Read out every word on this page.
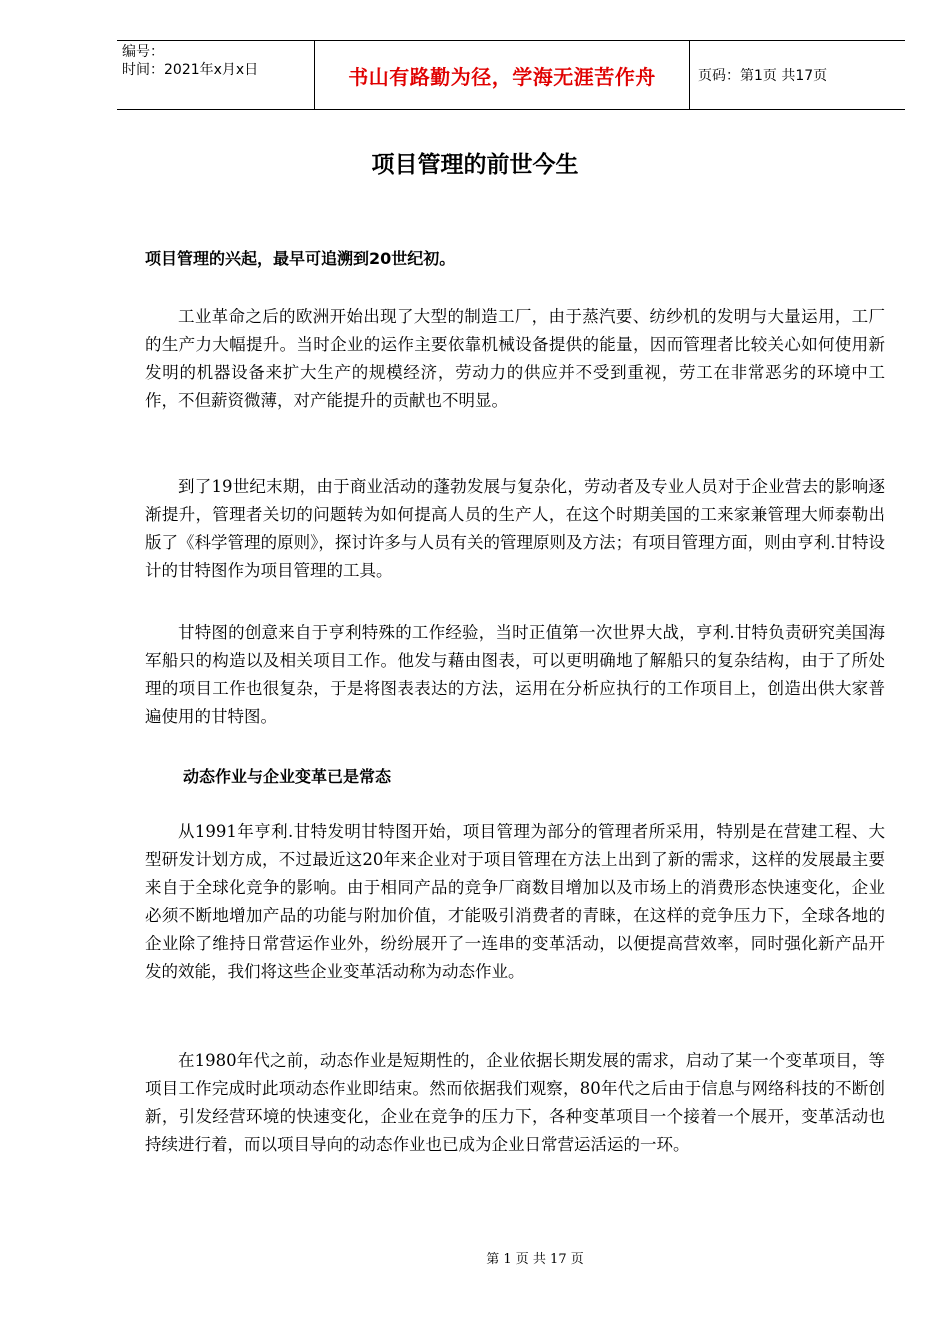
编号：
时间：2021年x月x日	书山有路勤为径，学海无涯苦作舟	页码：第1页 共17页
项目管理的前世今生
项目管理的兴起，最早可追溯到20世纪初。

工业革命之后的欧洲开始出现了大型的制造工厂，由于蒸汽要、纺纱机的发明与大量运用，工厂的生产力大幅提升。当时企业的运作主要依靠机械设备提供的能量，因而管理者比较关心如何使用新发明的机器设备来扩大生产的规模经济，劳动力的供应并不受到重视，劳工在非常恶劣的环境中工作，不但薪资微薄，对产能提升的贡献也不明显。

到了19世纪末期，由于商业活动的蓬勃发展与复杂化，劳动者及专业人员对于企业营去的影响逐渐提升，管理者关切的问题转为如何提高人员的生产人，在这个时期美国的工来家兼管理大师泰勒出版了《科学管理的原则》，探讨许多与人员有关的管理原则及方法；有项目管理方面，则由亨利.甘特设计的甘特图作为项目管理的工具。

甘特图的创意来自于亨利特殊的工作经验，当时正值第一次世界大战，亨利.甘特负责研究美国海军船只的构造以及相关项目工作。他发与藉由图表，可以更明确地了解船只的复杂结构，由于了所处理的项目工作也很复杂，于是将图表表达的方法，运用在分析应执行的工作项目上，创造出供大家普遍使用的甘特图。

动态作业与企业变革已是常态

从1991年亨利.甘特发明甘特图开始，项目管理为部分的管理者所采用，特别是在营建工程、大型研发计划方成，不过最近这20年来企业对于项目管理在方法上出到了新的需求，这样的发展最主要来自于全球化竞争的影响。由于相同产品的竞争厂商数目增加以及市场上的消费形态快速变化，企业必须不断地增加产品的功能与附加价值，才能吸引消费者的青睐，在这样的竞争压力下，全球各地的企业除了维持日常营运作业外，纷纷展开了一连串的变革活动，以便提高营效率，同时强化新产品开发的效能，我们将这些企业变革活动称为动态作业。

在1980年代之前，动态作业是短期性的，企业依据长期发展的需求，启动了某一个变革项目，等项目工作完成时此项动态作业即结束。然而依据我们观察，80年代之后由于信息与网络科技的不断创新，引发经营环境的快速变化，企业在竞争的压力下，各种变革项目一个接着一个展开，变革活动也持续进行着，而以项目导向的动态作业也已成为企业日常营运活运的一环。

第 1 页 共 17 页
